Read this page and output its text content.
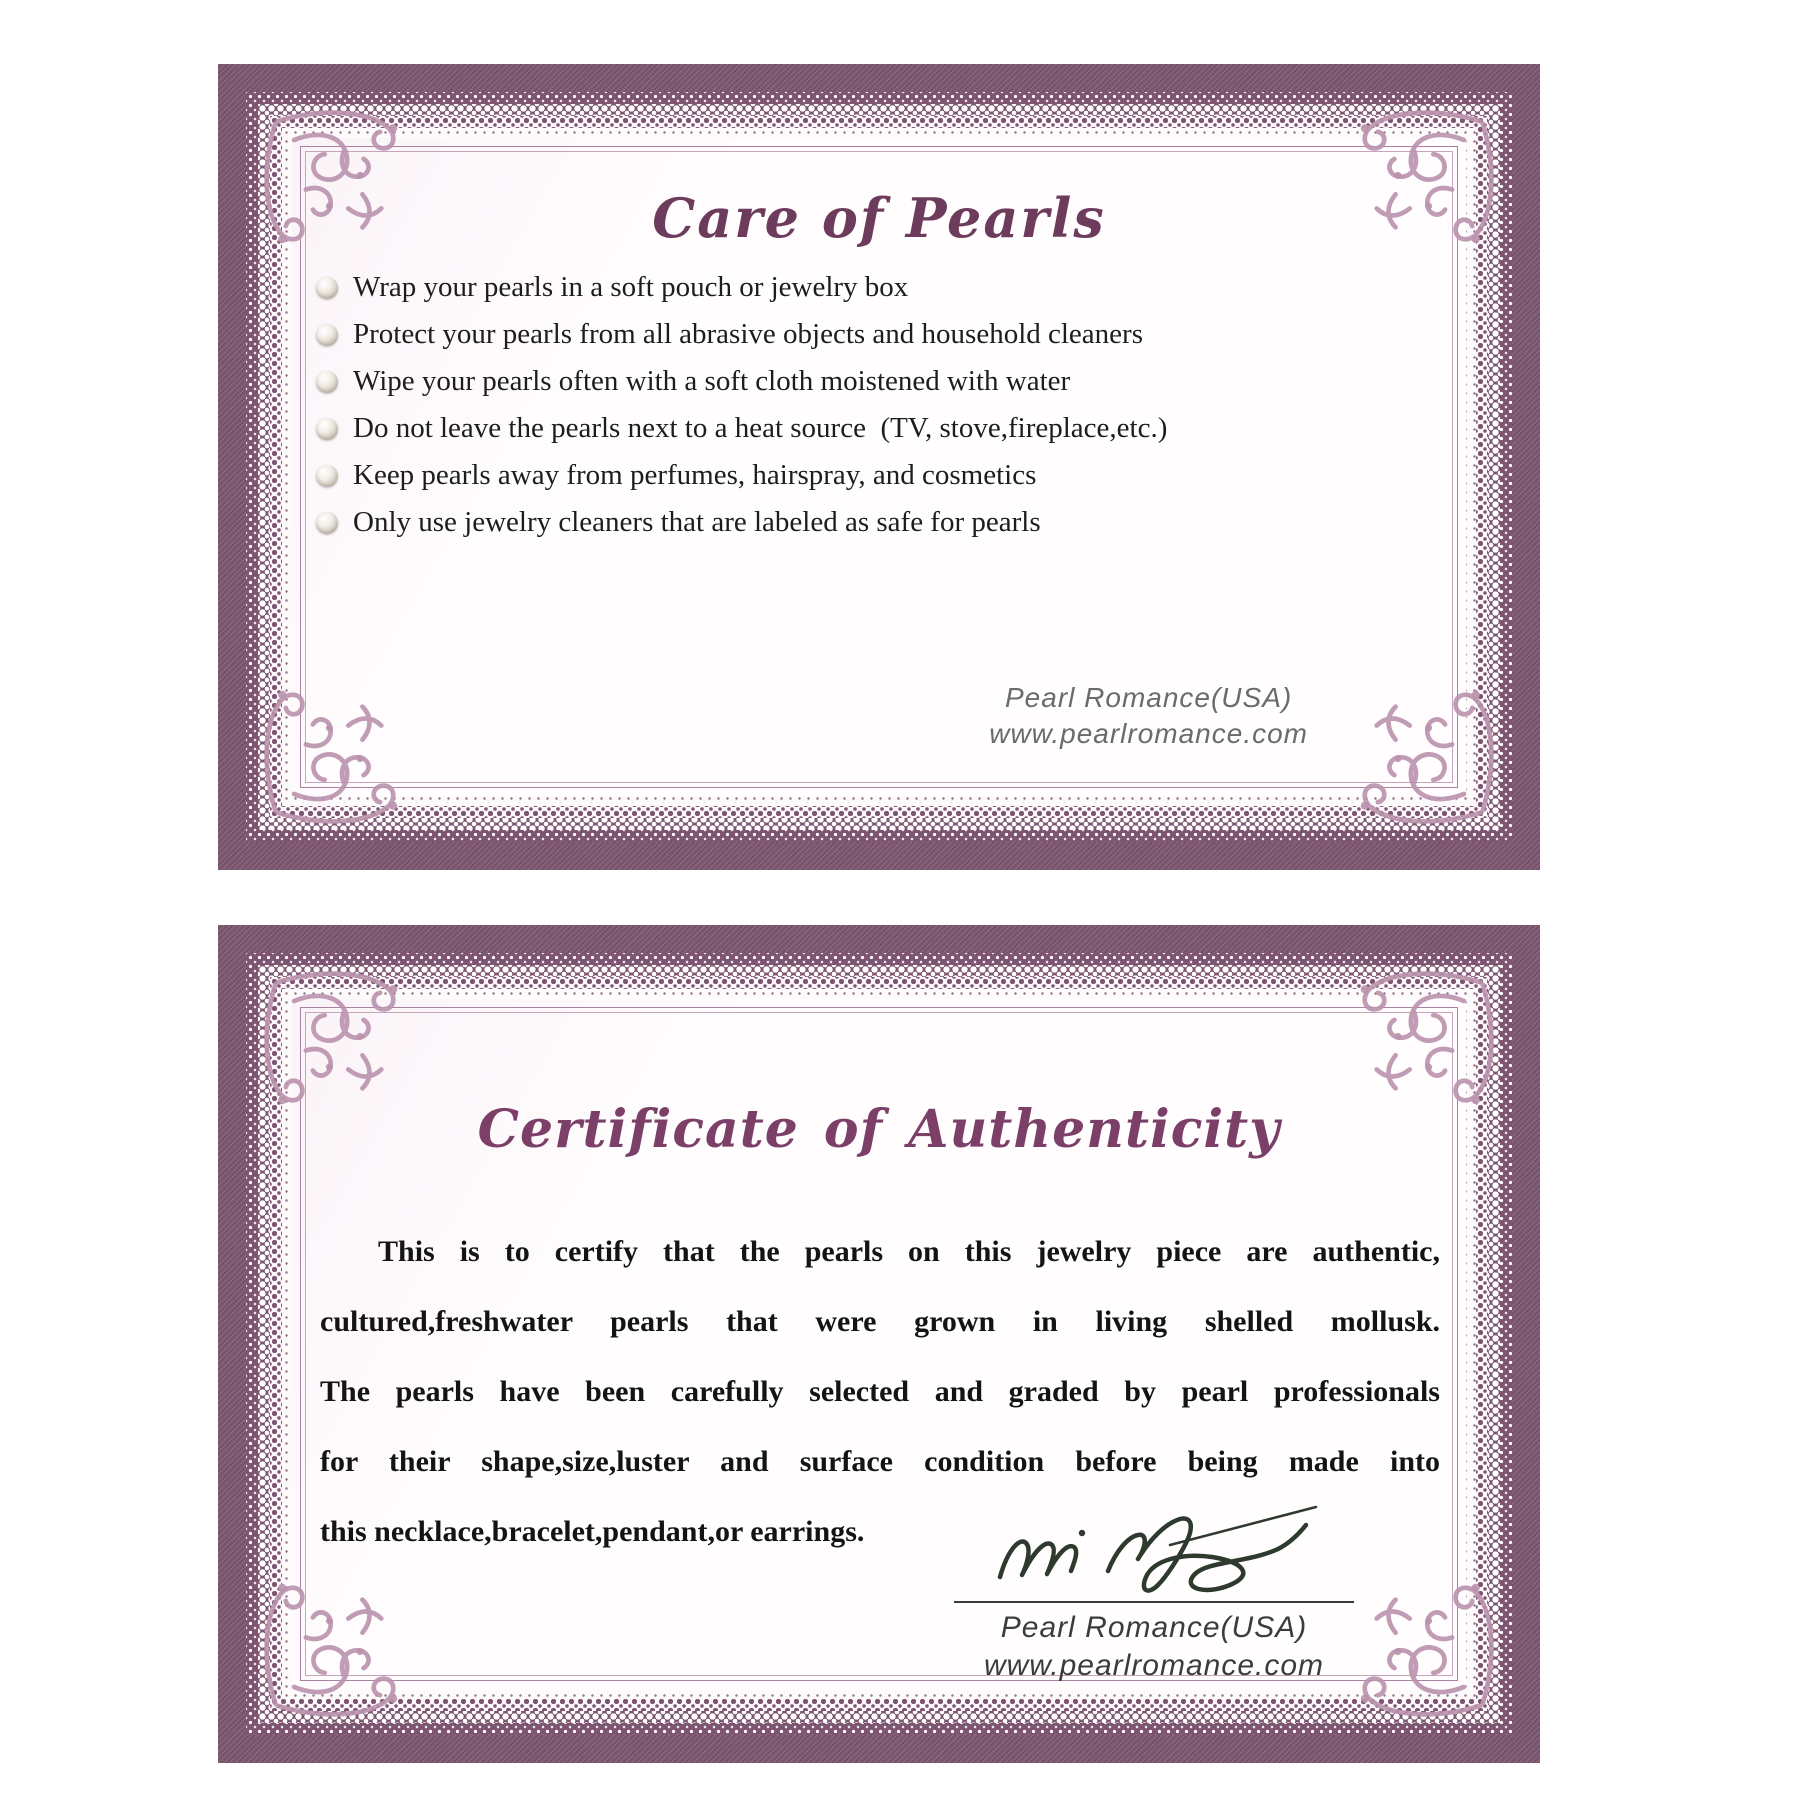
Care of Pearls
Wrap your pearls in a soft pouch or jewelry box
Protect your pearls from all abrasive objects and household cleaners
Wipe your pearls often with a soft cloth moistened with water
Do not leave the pearls next to a heat source  (TV, stove,fireplace,etc.)
Keep pearls away from perfumes, hairspray, and cosmetics
Only use jewelry cleaners that are labeled as safe for pearls
Pearl Romance(USA)
www.pearlromance.com
Certificate of Authenticity
This is to certify that the pearls on this jewelry piece are authentic,
cultured,freshwater pearls that were grown in living shelled mollusk.
The pearls have been carefully selected and graded by pearl professionals
for their shape,size,luster and surface condition before being made into
this necklace,bracelet,pendant,or earrings.
Pearl Romance(USA)
www.pearlromance.com
